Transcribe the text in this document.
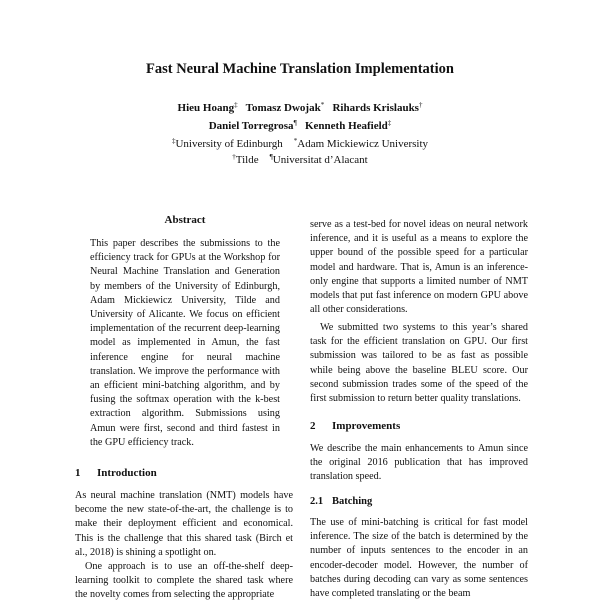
Fast Neural Machine Translation Implementation
Hieu Hoang‡ Tomasz Dwojak* Rihards Krislauks†
Daniel Torregrosa¶ Kenneth Heafield‡
‡University of Edinburgh *Adam Mickiewicz University
†Tilde ¶Universitat d’Alacant
Abstract
This paper describes the submissions to the efficiency track for GPUs at the Workshop for Neural Machine Translation and Generation by members of the University of Edinburgh, Adam Mickiewicz University, Tilde and University of Alicante. We focus on efficient implementation of the recurrent deep-learning model as implemented in Amun, the fast inference engine for neural machine translation. We improve the performance with an efficient mini-batching algorithm, and by fusing the softmax operation with the k-best extraction algorithm. Submissions using Amun were first, second and third fastest in the GPU efficiency track.
1 Introduction
As neural machine translation (NMT) models have become the new state-of-the-art, the challenge is to make their deployment efficient and economical. This is the challenge that this shared task (Birch et al., 2018) is shining a spotlight on.
One approach is to use an off-the-shelf deep-learning toolkit to complete the shared task where the novelty comes from selecting the appropriate
serve as a test-bed for novel ideas on neural network inference, and it is useful as a means to explore the upper bound of the possible speed for a particular model and hardware. That is, Amun is an inference-only engine that supports a limited number of NMT models that put fast inference on modern GPU above all other considerations.
We submitted two systems to this year’s shared task for the efficient translation on GPU. Our first submission was tailored to be as fast as possible while being above the baseline BLEU score. Our second submission trades some of the speed of the first submission to return better quality translations.
2 Improvements
We describe the main enhancements to Amun since the original 2016 publication that has improved translation speed.
2.1 Batching
The use of mini-batching is critical for fast model inference. The size of the batch is determined by the number of inputs sentences to the encoder in an encoder-decoder model. However, the number of batches during decoding can vary as some sentences have completed translating or the beam
